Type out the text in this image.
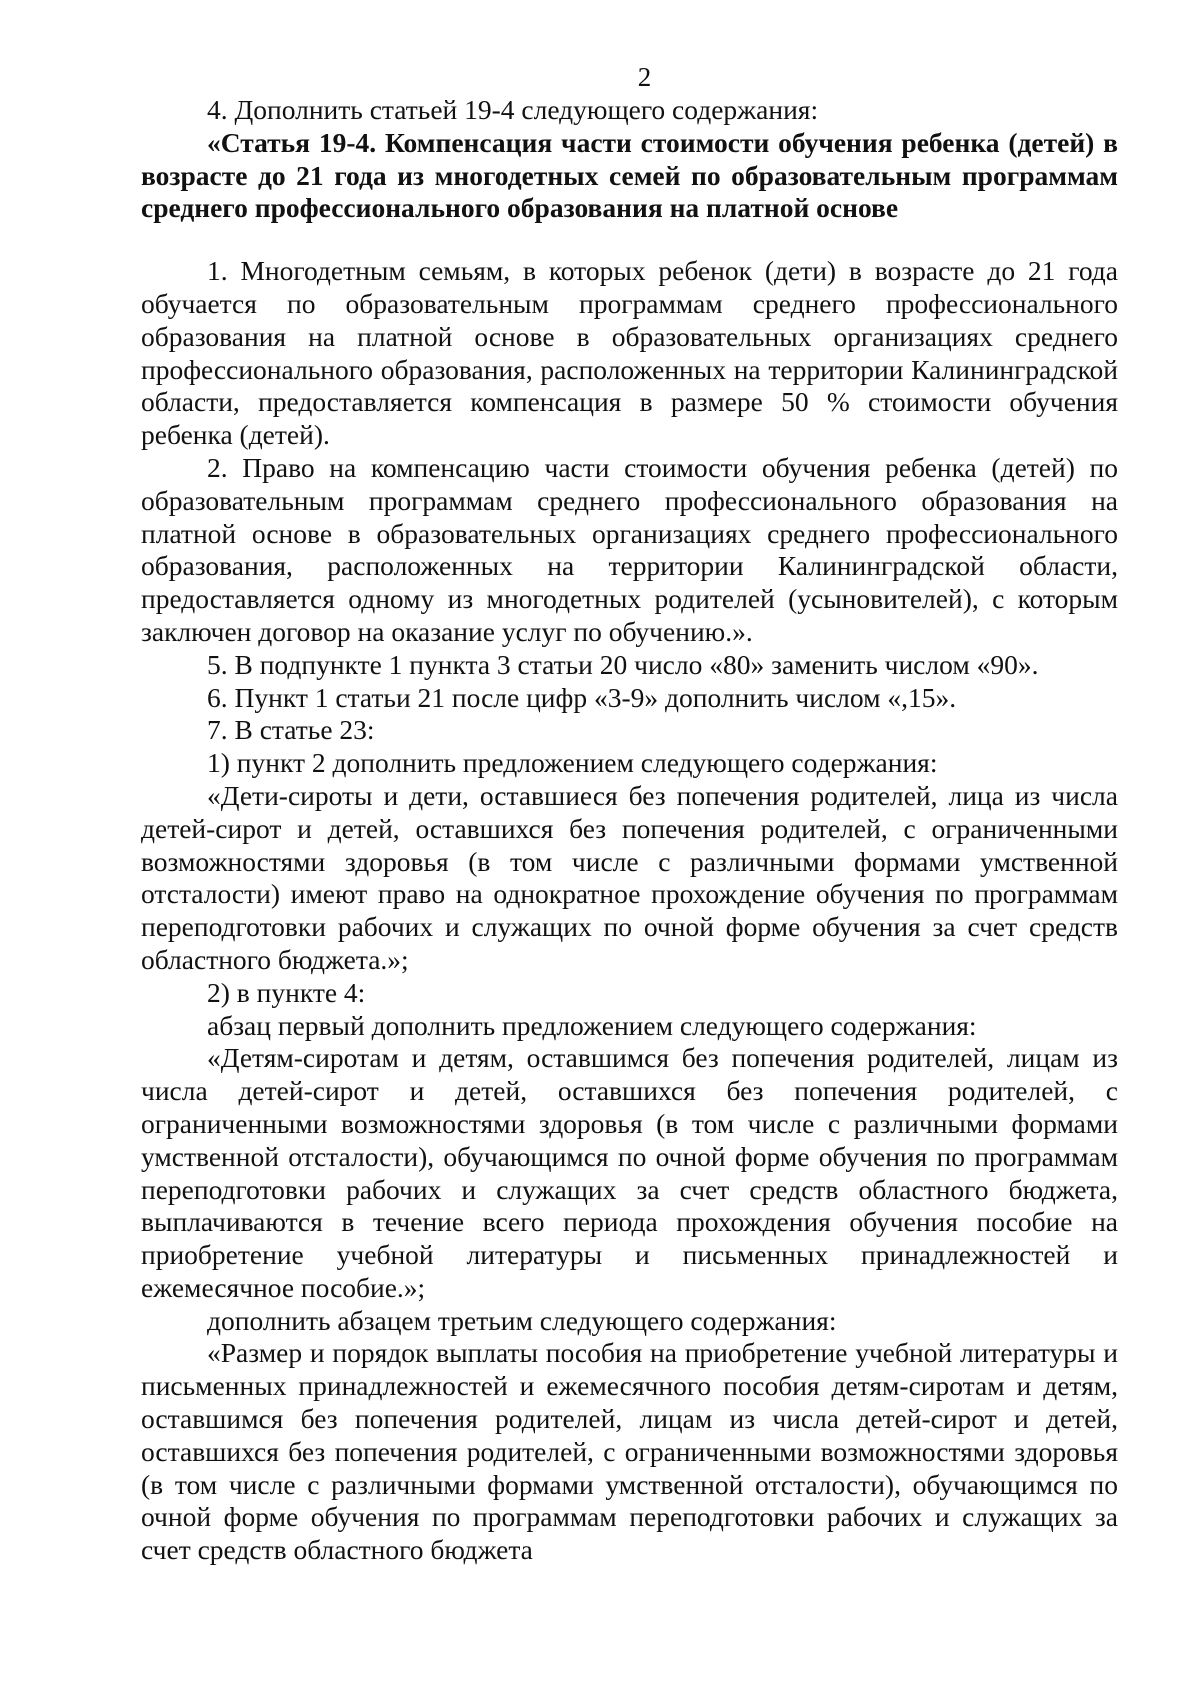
2

4. Дополнить статьей 19-4 следующего содержания:

«Статья 19-4. Компенсация части стоимости обучения ребенка (детей) в возрасте до 21 года из многодетных семей по образовательным программам среднего профессионального образования на платной основе

1. Многодетным семьям, в которых ребенок (дети) в возрасте до 21 года обучается по образовательным программам среднего профессионального образования на платной основе в образовательных организациях среднего профессионального образования, расположенных на территории Калининградской области, предоставляется компенсация в размере 50 % стоимости обучения ребенка (детей).

2. Право на компенсацию части стоимости обучения ребенка (детей) по образовательным программам среднего профессионального образования на платной основе в образовательных организациях среднего профессионального образования, расположенных на территории Калининградской области, предоставляется одному из многодетных родителей (усыновителей), с которым заключен договор на оказание услуг по обучению.».

5. В подпункте 1 пункта 3 статьи 20 число «80» заменить числом «90».

6. Пункт 1 статьи 21 после цифр «3-9» дополнить числом «,15».

7. В статье 23:

1) пункт 2 дополнить предложением следующего содержания:

«Дети-сироты и дети, оставшиеся без попечения родителей, лица из числа детей-сирот и детей, оставшихся без попечения родителей, с ограниченными возможностями здоровья (в том числе с различными формами умственной отсталости) имеют право на однократное прохождение обучения по программам переподготовки рабочих и служащих по очной форме обучения за счет средств областного бюджета.»;

2) в пункте 4:

абзац первый дополнить предложением следующего содержания:

«Детям-сиротам и детям, оставшимся без попечения родителей, лицам из числа детей-сирот и детей, оставшихся без попечения родителей, с ограниченными возможностями здоровья (в том числе с различными формами умственной отсталости), обучающимся по очной форме обучения по программам переподготовки рабочих и служащих за счет средств областного бюджета, выплачиваются в течение всего периода прохождения обучения пособие на приобретение учебной литературы и письменных принадлежностей и ежемесячное пособие.»;

дополнить абзацем третьим следующего содержания:

«Размер и порядок выплаты пособия на приобретение учебной литературы и письменных принадлежностей и ежемесячного пособия детям-сиротам и детям, оставшимся без попечения родителей, лицам из числа детей-сирот и детей, оставшихся без попечения родителей, с ограниченными возможностями здоровья (в том числе с различными формами умственной отсталости), обучающимся по очной форме обучения по программам переподготовки рабочих и служащих за счет средств областного бюджета
